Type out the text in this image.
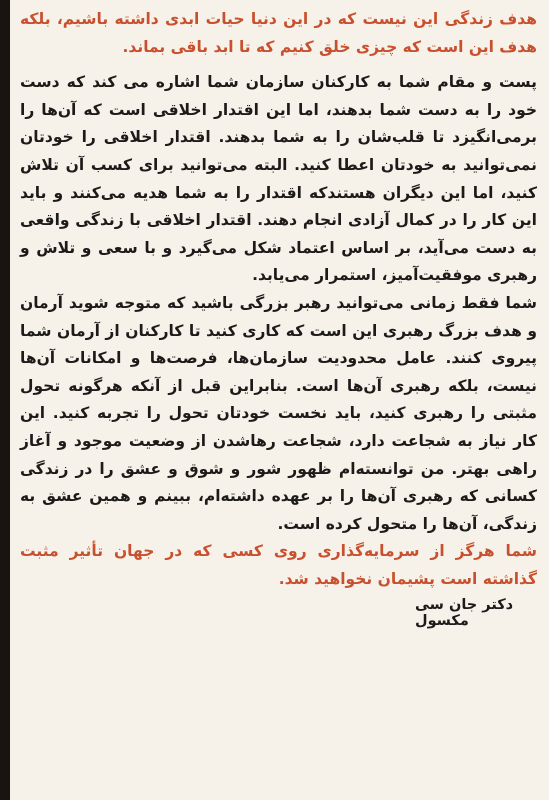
هدف زندگی این نیست که در این دنیا حیات ابدی داشته باشیم، بلکه هدف این است که چیزی خلق کنیم که تا ابد باقی بماند.

پست و مقام شما به کارکنان سازمان شما اشاره می کند که دست خود را به دست شما بدهند، اما این اقتدار اخلاقی است که آن‌ها را برمی‌انگیزد تا قلب‌شان را به شما بدهند. اقتدار اخلاقی را خودتان نمی‌توانید به خودتان اعطا کنید. البته می‌توانید برای کسب آن تلاش کنید، اما این دیگران هستندکه اقتدار را به شما هدیه می‌کنند و باید این کار را در کمال آزادی انجام دهند. اقتدار اخلاقی با زندگی واقعی به دست می‌آید، بر اساس اعتماد شکل می‌گیرد و با سعی و تلاش و رهبری موفقیت‌آمیز، استمرار می‌یابد.

شما فقط زمانی می‌توانید رهبر بزرگی باشید که متوجه شوید آرمان و هدف بزرگ رهبری این است که کاری کنید تا کارکنان از آرمان شما پیروی کنند. عامل محدودیت سازمان‌ها، فرصت‌ها و امکانات آن‌ها نیست، بلکه رهبری آن‌ها است. بنابراین قبل از آنکه هرگونه تحول مثبتی را رهبری کنید، باید نخست خودتان تحول را تجربه کنید. این کار نیاز به شجاعت دارد، شجاعت رهاشدن از وضعیت موجود و آغاز راهی بهتر. من توانسته‌ام ظهور شور و شوق و عشق را در زندگی کسانی که رهبری آن‌ها را بر عهده داشته‌ام، ببینم و همین عشق به زندگی، آن‌ها را متحول کرده است.

شما هرگز از سرمایه‌گذاری روی کسی که در جهان تأثیر مثبت گذاشته است پشیمان نخواهید شد.

دکتر جان سی مکسول
